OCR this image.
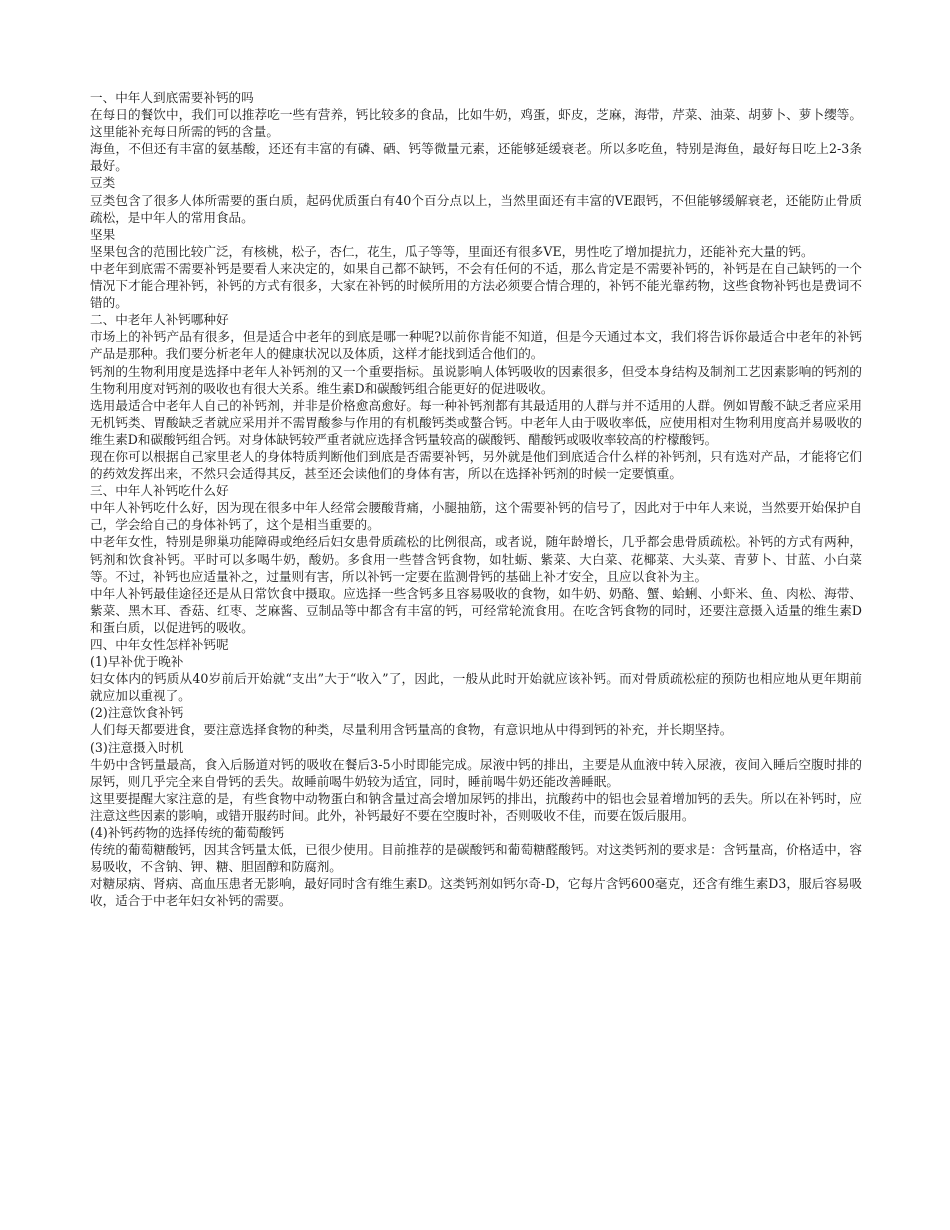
一、中年人到底需要补钙的吗

在每日的餐饮中，我们可以推荐吃一些有营养，钙比较多的食品，比如牛奶，鸡蛋，虾皮，芝麻，海带，芹菜、油菜、胡萝卜、萝卜缨等。这里能补充每日所需的钙的含量。

海鱼，不但还有丰富的氨基酸，还还有丰富的有磷、硒、钙等微量元素，还能够延缓衰老。所以多吃鱼，特别是海鱼，最好每日吃上2-3条最好。

豆类

豆类包含了很多人体所需要的蛋白质，起码优质蛋白有40个百分点以上，当然里面还有丰富的VE跟钙，不但能够缓解衰老，还能防止骨质疏松，是中年人的常用食品。

坚果

坚果包含的范围比较广泛，有核桃，松子，杏仁，花生，瓜子等等，里面还有很多VE，男性吃了增加提抗力，还能补充大量的钙。

中老年到底需不需要补钙是要看人来决定的，如果自己都不缺钙，不会有任何的不适，那么肯定是不需要补钙的，补钙是在自己缺钙的一个情况下才能合理补钙，补钙的方式有很多，大家在补钙的时候所用的方法必须要合情合理的，补钙不能光靠药物，这些食物补钙也是费词不错的。

二、中老年人补钙哪种好

市场上的补钙产品有很多，但是适合中老年的到底是哪一种呢?以前你肯能不知道，但是今天通过本文，我们将告诉你最适合中老年的补钙产品是那种。我们要分析老年人的健康状况以及体质，这样才能找到适合他们的。

钙剂的生物利用度是选择中老年人补钙剂的又一个重要指标。虽说影响人体钙吸收的因素很多，但受本身结构及制剂工艺因素影响的钙剂的生物利用度对钙剂的吸收也有很大关系。维生素D和碳酸钙组合能更好的促进吸收。

选用最适合中老年人自己的补钙剂，并非是价格愈高愈好。每一种补钙剂都有其最适用的人群与并不适用的人群。例如胃酸不缺乏者应采用无机钙类、胃酸缺乏者就应采用并不需胃酸参与作用的有机酸钙类或螯合钙。中老年人由于吸收率低，应使用相对生物利用度高并易吸收的维生素D和碳酸钙组合钙。对身体缺钙较严重者就应选择含钙量较高的碳酸钙、醋酸钙或吸收率较高的柠檬酸钙。

现在你可以根据自己家里老人的身体特质判断他们到底是否需要补钙，另外就是他们到底适合什么样的补钙剂，只有选对产品，才能将它们的药效发挥出来，不然只会适得其反，甚至还会读他们的身体有害，所以在选择补钙剂的时候一定要慎重。

三、中年人补钙吃什么好

中年人补钙吃什么好，因为现在很多中年人经常会腰酸背痛，小腿抽筋，这个需要补钙的信号了，因此对于中年人来说，当然要开始保护自己，学会给自己的身体补钙了，这个是相当重要的。

中老年女性，特别是卵巢功能障碍或绝经后妇女患骨质疏松的比例很高，或者说，随年龄增长，几乎都会患骨质疏松。补钙的方式有两种，钙剂和饮食补钙。平时可以多喝牛奶，酸奶。多食用一些替含钙食物，如牡蛎、紫菜、大白菜、花椰菜、大头菜、青萝卜、甘蓝、小白菜等。不过，补钙也应适量补之，过量则有害，所以补钙一定要在监测骨钙的基础上补才安全，且应以食补为主。

中年人补钙最佳途径还是从日常饮食中摄取。应选择一些含钙多且容易吸收的食物，如牛奶、奶酪、蟹、蛤蜊、小虾米、鱼、肉松、海带、紫菜、黑木耳、香菇、红枣、芝麻酱、豆制品等中都含有丰富的钙，可经常轮流食用。在吃含钙食物的同时，还要注意摄入适量的维生素D和蛋白质，以促进钙的吸收。

四、中年女性怎样补钙呢

(1)早补优于晚补

妇女体内的钙质从40岁前后开始就“支出”大于“收入”了，因此，一般从此时开始就应该补钙。而对骨质疏松症的预防也相应地从更年期前就应加以重视了。

(2)注意饮食补钙

人们每天都要进食，要注意选择食物的种类，尽量利用含钙量高的食物，有意识地从中得到钙的补充，并长期坚持。

(3)注意摄入时机

牛奶中含钙量最高，食入后肠道对钙的吸收在餐后3-5小时即能完成。尿液中钙的排出，主要是从血液中转入尿液，夜间入睡后空腹时排的尿钙，则几乎完全来自骨钙的丢失。故睡前喝牛奶较为适宜，同时，睡前喝牛奶还能改善睡眠。

这里要提醒大家注意的是，有些食物中动物蛋白和钠含量过高会增加尿钙的排出，抗酸药中的铝也会显着增加钙的丢失。所以在补钙时，应注意这些因素的影响，或错开服药时间。此外，补钙最好不要在空腹时补，否则吸收不佳，而要在饭后服用。

(4)补钙药物的选择传统的葡萄酸钙

传统的葡萄糖酸钙，因其含钙量太低，已很少使用。目前推荐的是碳酸钙和葡萄糖醛酸钙。对这类钙剂的要求是：含钙量高，价格适中，容易吸收，不含钠、钾、糖、胆固醇和防腐剂。

对糖尿病、肾病、高血压患者无影响，最好同时含有维生素D。这类钙剂如钙尔奇-D，它每片含钙600毫克，还含有维生素D3，服后容易吸收，适合于中老年妇女补钙的需要。
